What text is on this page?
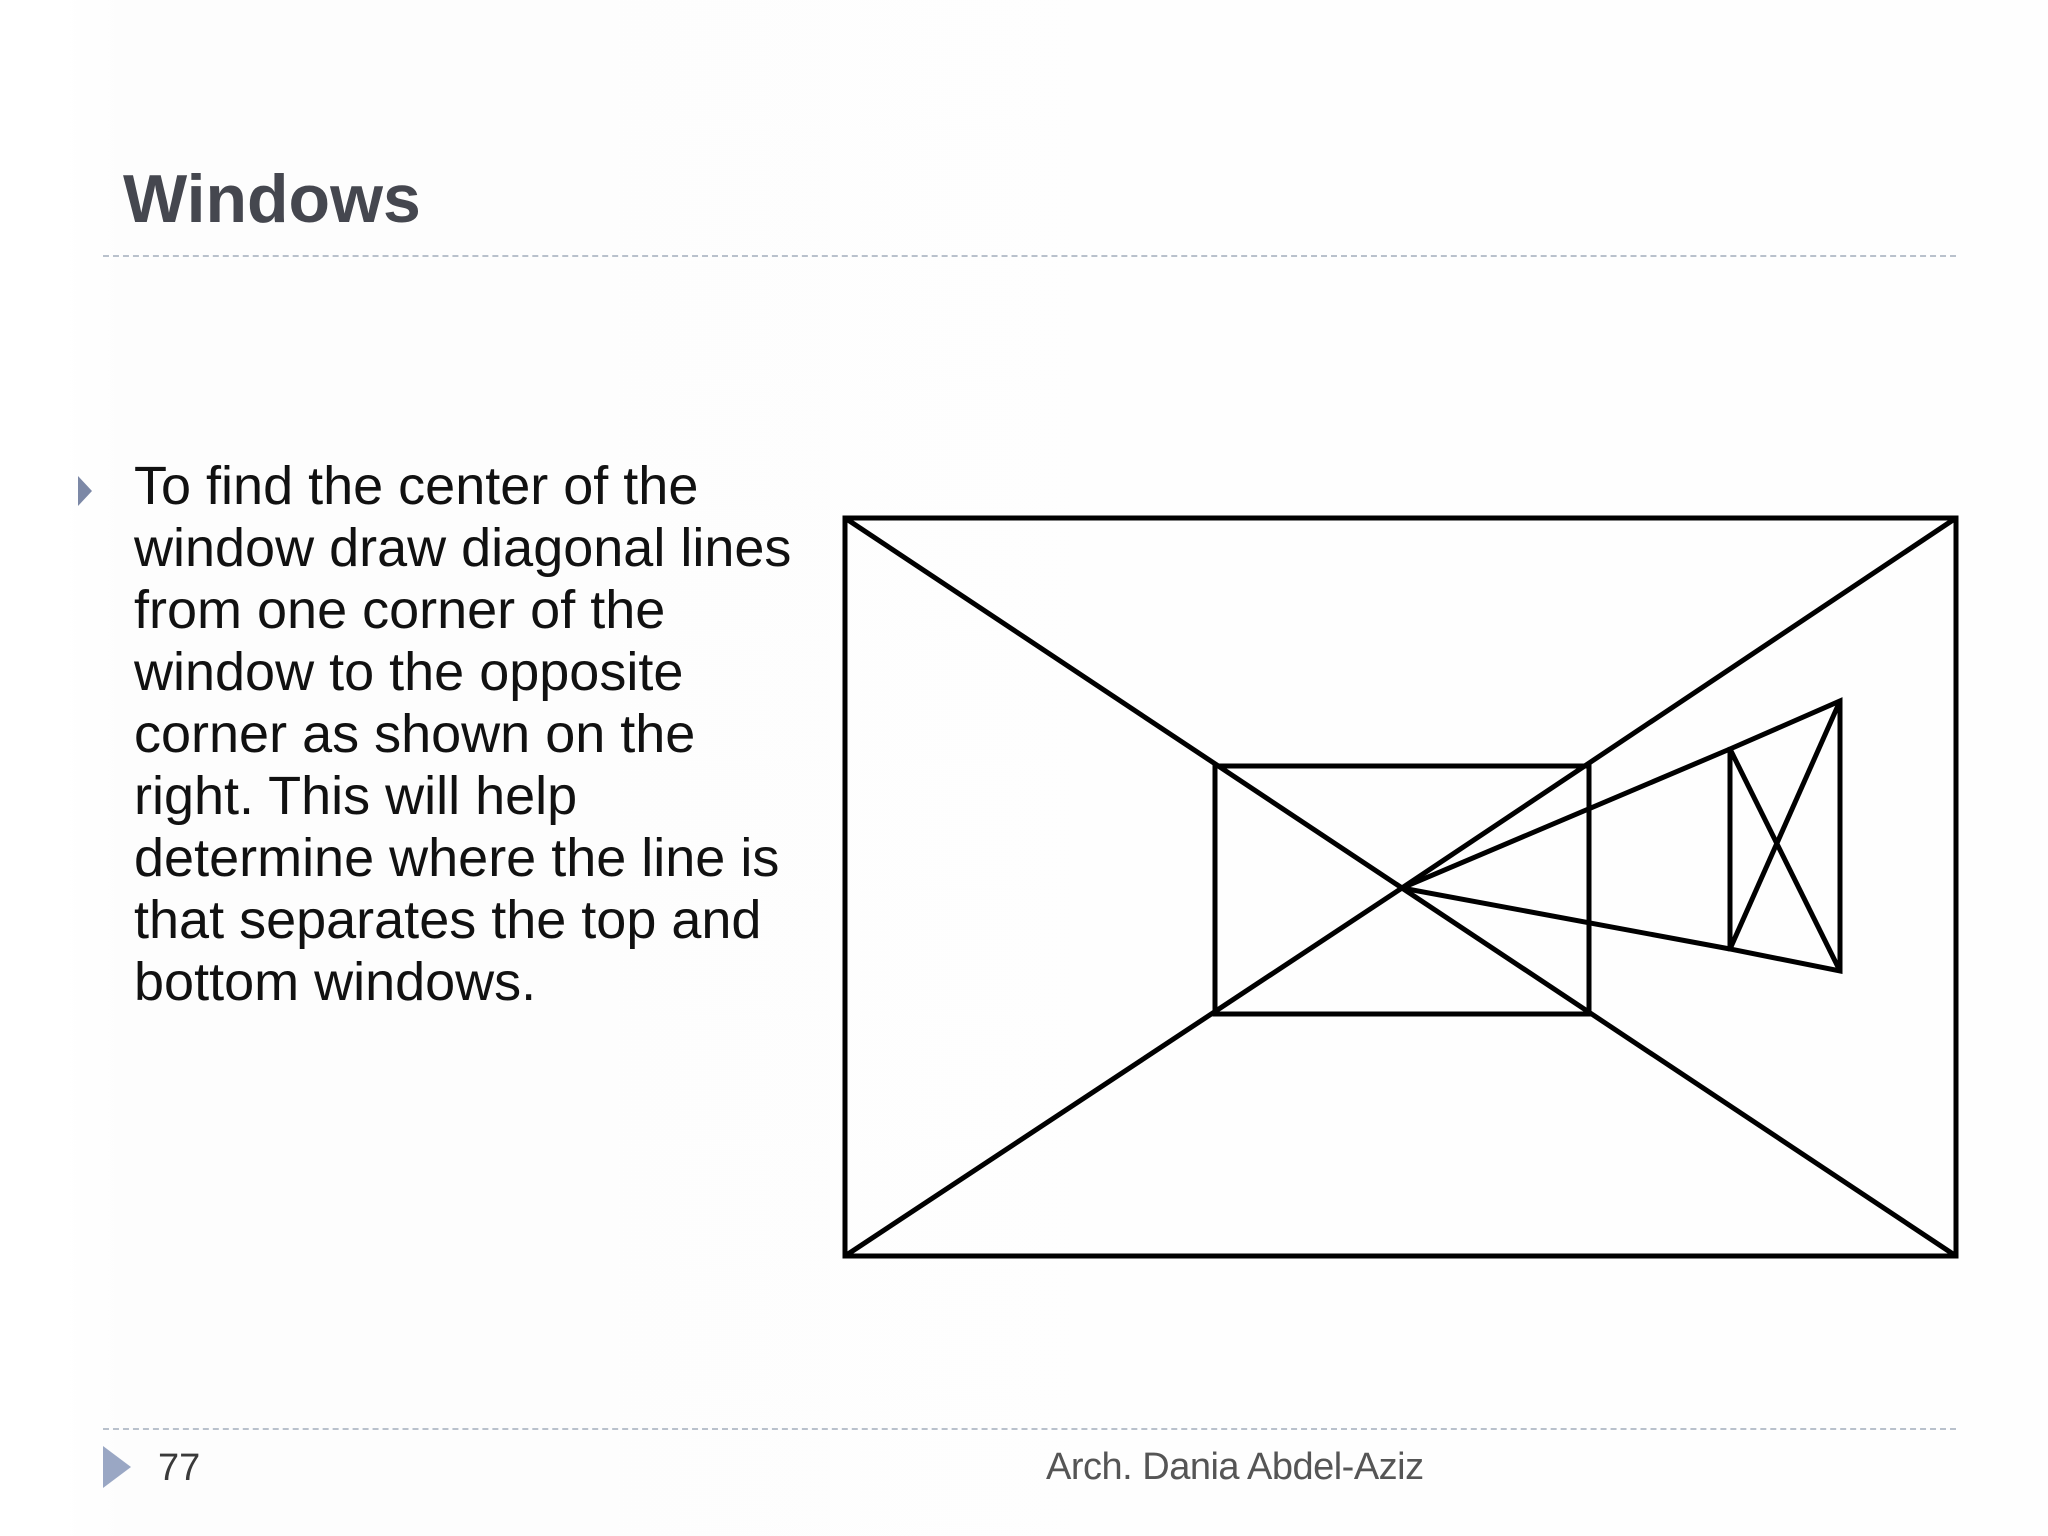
Windows

To find the center of the window draw diagonal lines from one corner of the window to the opposite corner as shown on the right. This will help determine where the line is that separates the top and bottom windows.

77	Arch. Dania Abdel-Aziz
